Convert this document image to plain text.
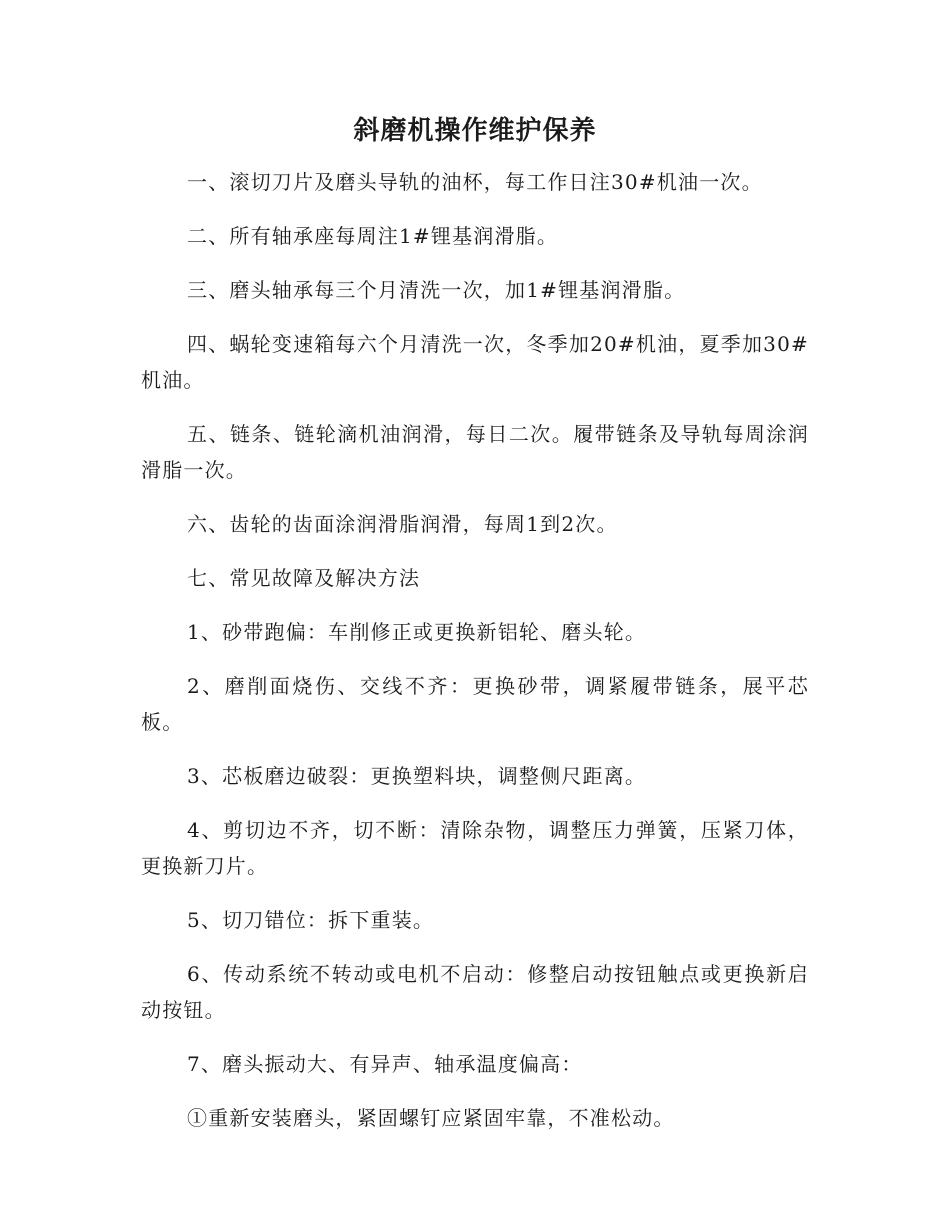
斜磨机操作维护保养

一、滚切刀片及磨头导轨的油杯，每工作日注30#机油一次。

二、所有轴承座每周注1#锂基润滑脂。

三、磨头轴承每三个月清洗一次，加1#锂基润滑脂。

四、蜗轮变速箱每六个月清洗一次，冬季加20#机油，夏季加30#机油。

五、链条、链轮滴机油润滑，每日二次。履带链条及导轨每周涂润滑脂一次。

六、齿轮的齿面涂润滑脂润滑，每周1到2次。

七、常见故障及解决方法

1、砂带跑偏：车削修正或更换新铝轮、磨头轮。

2、磨削面烧伤、交线不齐：更换砂带，调紧履带链条，展平芯板。

3、芯板磨边破裂：更换塑料块，调整侧尺距离。

4、剪切边不齐，切不断：清除杂物，调整压力弹簧，压紧刀体，更换新刀片。

5、切刀错位：拆下重装。

6、传动系统不转动或电机不启动：修整启动按钮触点或更换新启动按钮。

7、磨头振动大、有异声、轴承温度偏高：

①重新安装磨头，紧固螺钉应紧固牢靠，不准松动。
